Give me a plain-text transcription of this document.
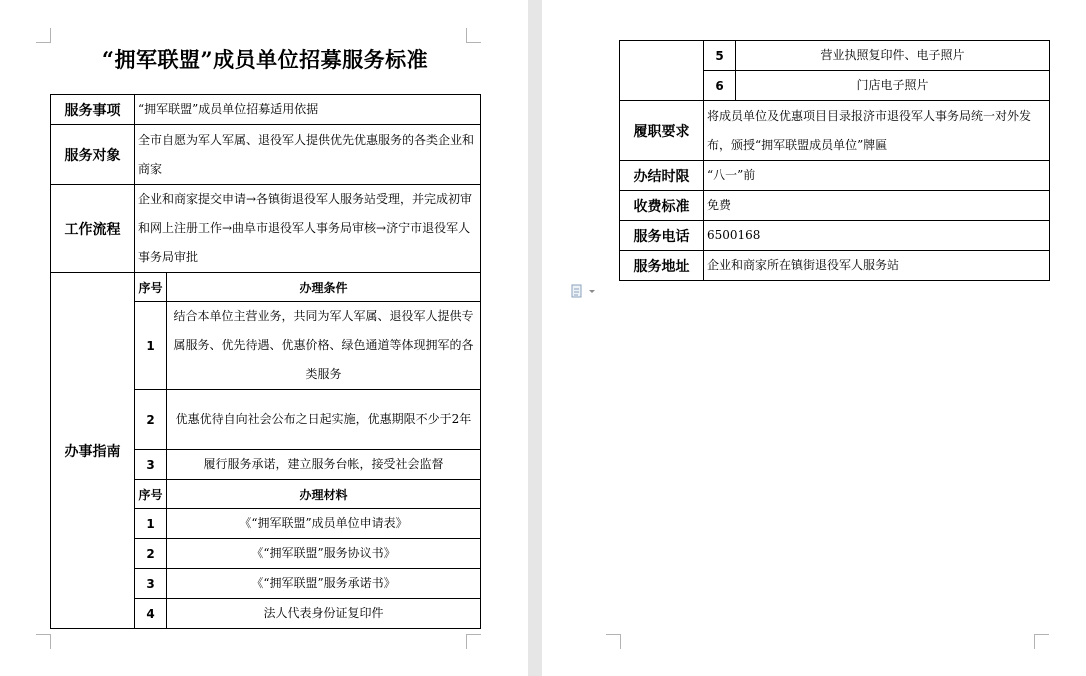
“拥军联盟”成员单位招募服务标准
服务事项	“拥军联盟”成员单位招募适用依据	
服务对象	全市自愿为军人军属、退役军人提供优先优惠服务的各类企业和商家	
工作流程	企业和商家提交申请→各镇街退役军人服务站受理，并完成初审和网上注册工作→曲阜市退役军人事务局审核→济宁市退役军人事务局审批	
办事指南	序号	办理条件
	1	结合本单位主营业务，共同为军人军属、退役军人提供专属服务、优先待遇、优惠价格、绿色通道等体现拥军的各类服务
	2	优惠优待自向社会公布之日起实施，优惠期限不少于2年
	3	履行服务承诺，建立服务台帐，接受社会监督
	序号	办理材料
	1	《“拥军联盟”成员单位申请表》
	2	《“拥军联盟”服务协议书》
	3	《“拥军联盟”服务承诺书》
	4	法人代表身份证复印件
	5	营业执照复印件、电子照片
	6	门店电子照片
履职要求	将成员单位及优惠项目目录报济市退役军人事务局统一对外发布，颁授“拥军联盟成员单位”牌匾	
办结时限	“八一”前	
收费标准	免费	
服务电话	6500168	
服务地址	企业和商家所在镇街退役军人服务站	
